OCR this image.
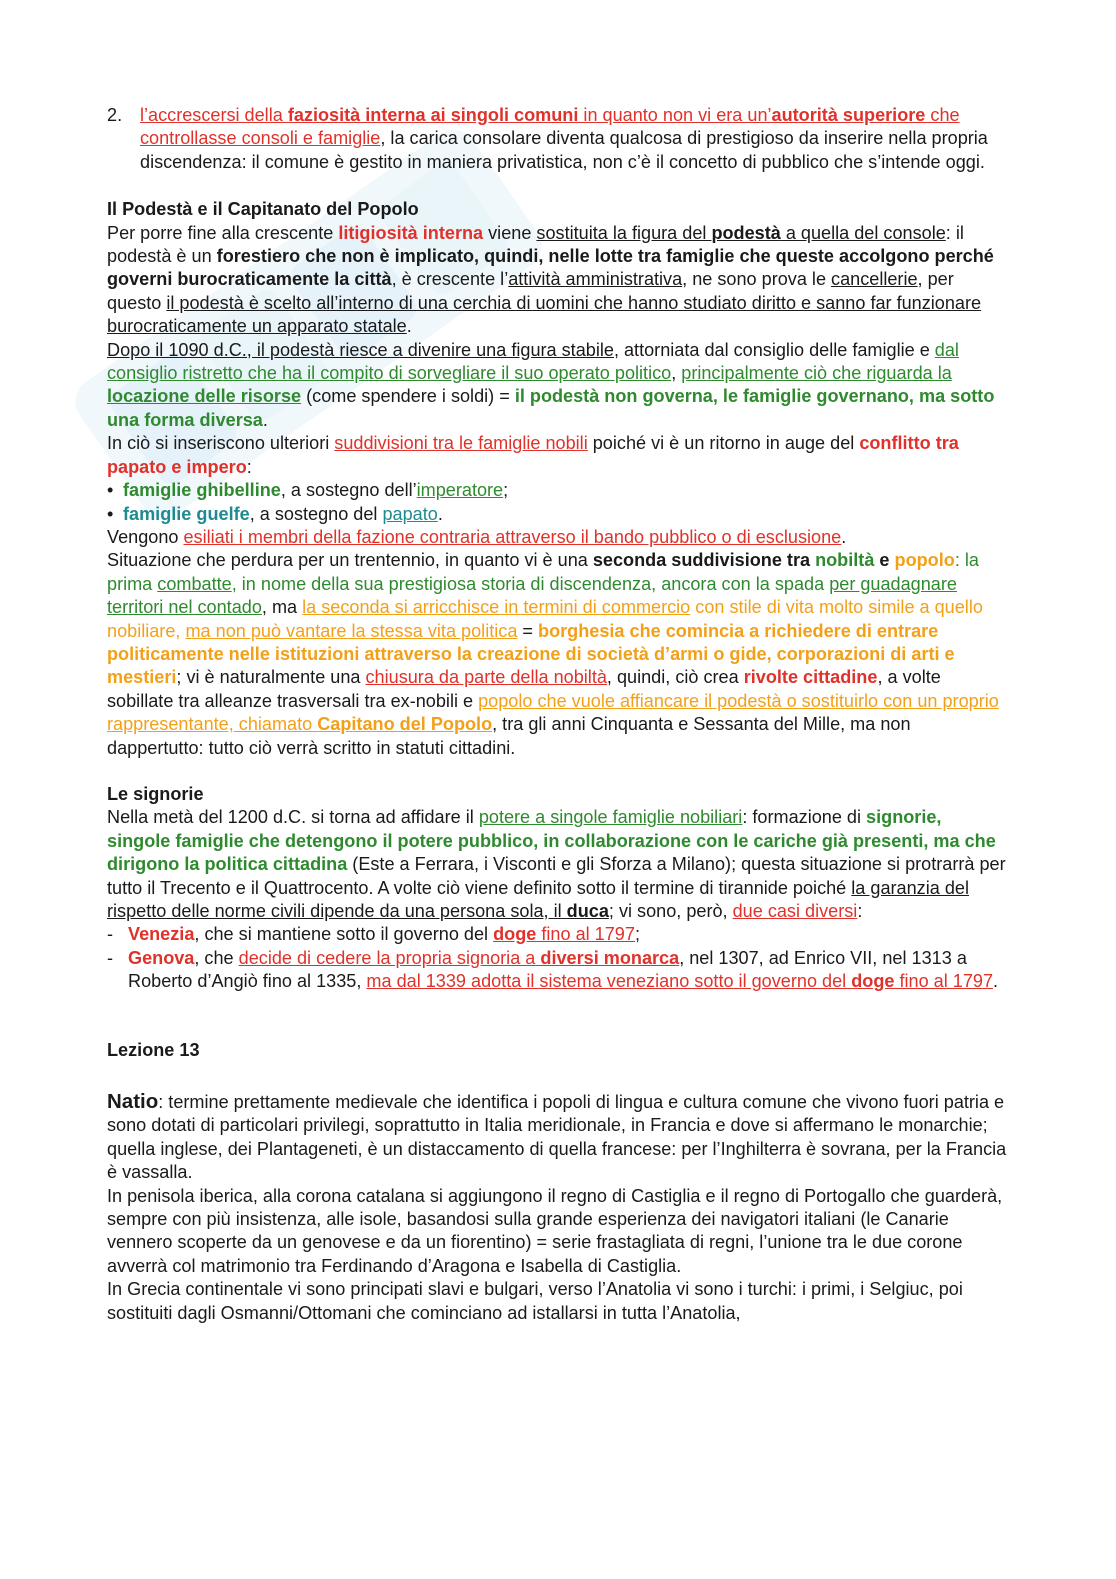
2. l’accrescersi della faziosità interna ai singoli comuni in quanto non vi era un’autorità superiore che controllasse consoli e famiglie, la carica consolare diventa qualcosa di prestigioso da inserire nella propria discendenza: il comune è gestito in maniera privatistica, non c’è il concetto di pubblico che s’intende oggi.

Il Podestà e il Capitanato del Popolo

Per porre fine alla crescente litigiosità interna viene sostituita la figura del podestà a quella del console: il podestà è un forestiero che non è implicato, quindi, nelle lotte tra famiglie che queste accolgono perché governi burocraticamente la città, è crescente l’attività amministrativa, ne sono prova le cancellerie, per questo il podestà è scelto all’interno di una cerchia di uomini che hanno studiato diritto e sanno far funzionare burocraticamente un apparato statale.

Dopo il 1090 d.C., il podestà riesce a divenire una figura stabile, attorniata dal consiglio delle famiglie e dal consiglio ristretto che ha il compito di sorvegliare il suo operato politico, principalmente ciò che riguarda la locazione delle risorse (come spendere i soldi) = il podestà non governa, le famiglie governano, ma sotto una forma diversa.

In ciò si inseriscono ulteriori suddivisioni tra le famiglie nobili poiché vi è un ritorno in auge del conflitto tra papato e impero:

• famiglie ghibelline, a sostegno dell’imperatore;

• famiglie guelfe, a sostegno del papato.

Vengono esiliati i membri della fazione contraria attraverso il bando pubblico o di esclusione.
Situazione che perdura per un trentennio, in quanto vi è una seconda suddivisione tra nobiltà e popolo: la prima combatte, in nome della sua prestigiosa storia di discendenza, ancora con la spada per guadagnare territori nel contado, ma la seconda si arricchisce in termini di commercio con stile di vita molto simile a quello nobiliare, ma non può vantare la stessa vita politica = borghesia che comincia a richiedere di entrare politicamente nelle istituzioni attraverso la creazione di società d’armi o gide, corporazioni di arti e mestieri; vi è naturalmente una chiusura da parte della nobiltà, quindi, ciò crea rivolte cittadine, a volte sobillate tra alleanze trasversali tra ex-nobili e popolo che vuole affiancare il podestà o sostituirlo con un proprio rappresentante, chiamato Capitano del Popolo, tra gli anni Cinquanta e Sessanta del Mille, ma non dappertutto: tutto ciò verrà scritto in statuti cittadini.

Le signorie

Nella metà del 1200 d.C. si torna ad affidare il potere a singole famiglie nobiliari: formazione di signorie, singole famiglie che detengono il potere pubblico, in collaborazione con le cariche già presenti, ma che dirigono la politica cittadina (Este a Ferrara, i Visconti e gli Sforza a Milano); questa situazione si protrarrà per tutto il Trecento e il Quattrocento. A volte ciò viene definito sotto il termine di tirannide poiché la garanzia del rispetto delle norme civili dipende da una persona sola, il duca; vi sono, però, due casi diversi:

- Venezia, che si mantiene sotto il governo del doge fino al 1797;

- Genova, che decide di cedere la propria signoria a diversi monarca, nel 1307, ad Enrico VII, nel 1313 a Roberto d’Angiò fino al 1335, ma dal 1339 adotta il sistema veneziano sotto il governo del doge fino al 1797.

Lezione 13

Natio: termine prettamente medievale che identifica i popoli di lingua e cultura comune che vivono fuori patria e sono dotati di particolari privilegi, soprattutto in Italia meridionale, in Francia e dove si affermano le monarchie; quella inglese, dei Plantageneti, è un distaccamento di quella francese: per l’Inghilterra è sovrana, per la Francia è vassalla.

In penisola iberica, alla corona catalana si aggiungono il regno di Castiglia e il regno di Portogallo che guarderà, sempre con più insistenza, alle isole, basandosi sulla grande esperienza dei navigatori italiani (le Canarie vennero scoperte da un genovese e da un fiorentino) = serie frastagliata di regni, l’unione tra le due corone avverrà col matrimonio tra Ferdinando d’Aragona e Isabella di Castiglia.

In Grecia continentale vi sono principati slavi e bulgari, verso l’Anatolia vi sono i turchi: i primi, i Selgiuc, poi sostituiti dagli Osmanni/Ottomani che cominciano ad istallarsi in tutta l’Anatolia,
